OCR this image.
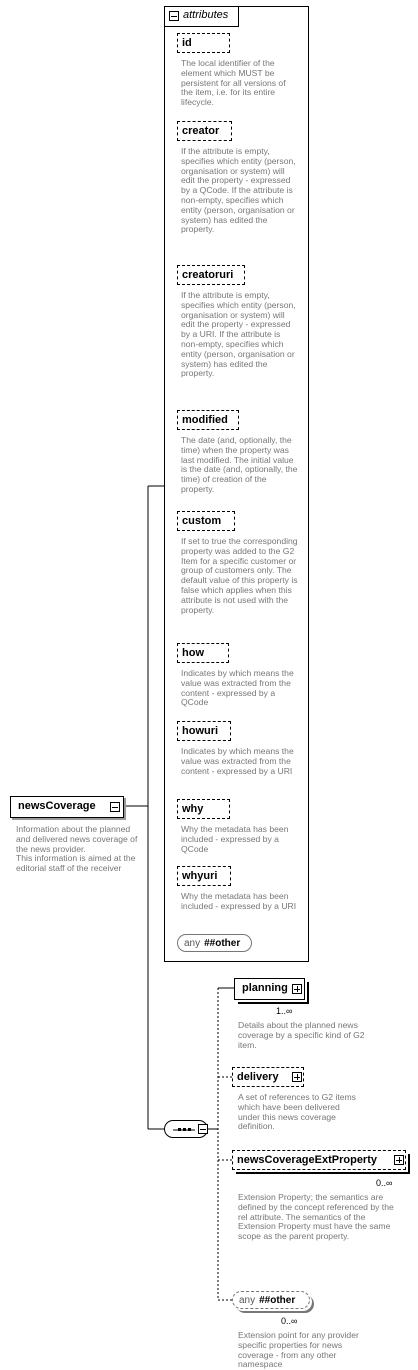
newsCoverage
Information about the planned and delivered news coverage of the news provider.
This information is aimed at the editorial staff of the receiver
attributes
id
The local identifier of the element which MUST be persistent for all versions of the item, i.e. for its entire lifecycle.
creator
If the attribute is empty, specifies which entity (person, organisation or system) will edit the property - expressed by a QCode. If the attribute is non-empty, specifies which entity (person, organisation or system) has edited the property.
creatoruri
If the attribute is empty, specifies which entity (person, organisation or system) will edit the property - expressed by a URI. If the attribute is non-empty, specifies which entity (person, organisation or system) has edited the property.
modified
The date (and, optionally, the time) when the property was last modified. The initial value is the date (and, optionally, the time) of creation of the property.
custom
If set to true the corresponding property was added to the G2 Item for a specific customer or group of customers only. The default value of this property is false which applies when this attribute is not used with the property.
how
Indicates by which means the value was extracted from the content - expressed by a QCode
howuri
Indicates by which means the value was extracted from the content - expressed by a URI
why
Why the metadata has been included - expressed by a QCode
whyuri
Why the metadata has been included - expressed by a URI
any ##other
planning
1..∞
Details about the planned news coverage by a specific kind of G2 item.
delivery
A set of references to G2 items which have been delivered under this news coverage definition.
newsCoverageExtProperty
0..∞
Extension Property; the semantics are defined by the concept referenced by the rel attribute. The semantics of the Extension Property must have the same scope as the parent property.
any ##other
0..∞
Extension point for any provider specific properties for news coverage - from any other namespace
